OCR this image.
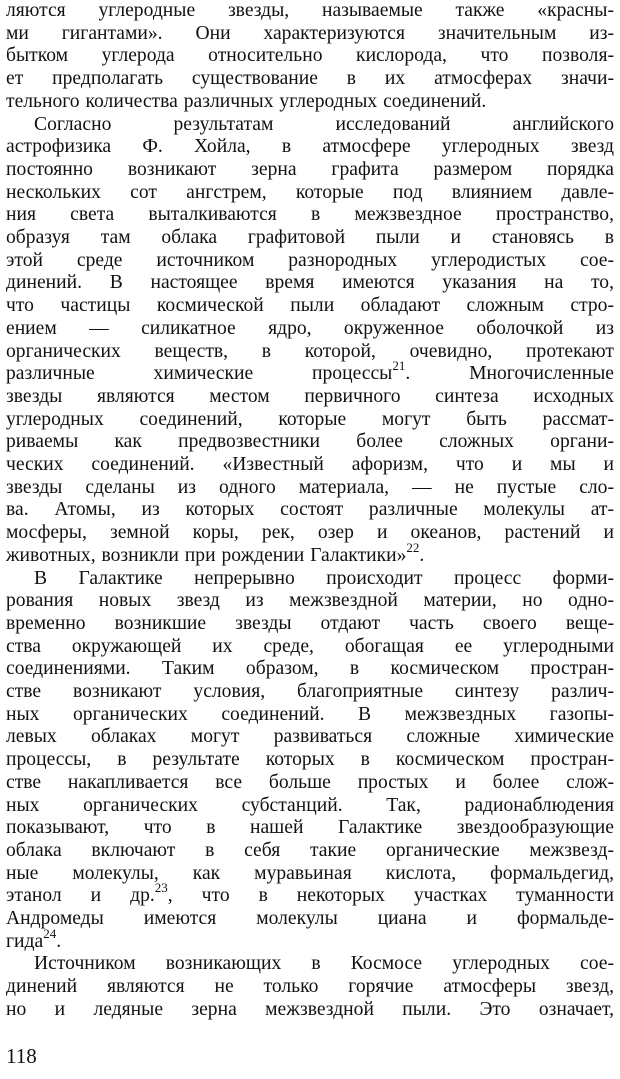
ляются углеродные звезды, называемые также «красны-
ми гигантами». Они характеризуются значительным из-
бытком углерода относительно кислорода, что позволя-
ет предполагать существование в их атмосферах значи-
тельного количества различных углеродных соединений.
Согласно результатам исследований английского
астрофизика Ф. Хойла, в атмосфере углеродных звезд
постоянно возникают зерна графита размером порядка
нескольких сот ангстрем, которые под влиянием давле-
ния света выталкиваются в межзвездное пространство,
образуя там облака графитовой пыли и становясь в
этой среде источником разнородных углеродистых сое-
динений. В настоящее время имеются указания на то,
что частицы космической пыли обладают сложным стро-
ением — силикатное ядро, окруженное оболочкой из
органических веществ, в которой, очевидно, протекают
различные химические процессы$^{21}$. Многочисленные
звезды являются местом первичного синтеза исходных
углеродных соединений, которые могут быть рассмат-
риваемы как предвозвестники более сложных органи-
ческих соединений. «Известный афоризм, что и мы и
звезды сделаны из одного материала, — не пустые сло-
ва. Атомы, из которых состоят различные молекулы ат-
мосферы, земной коры, рек, озер и океанов, растений и
животных, возникли при рождении Галактики»$^{22}$.
В Галактике непрерывно происходит процесс форми-
рования новых звезд из межзвездной материи, но одно-
временно возникшие звезды отдают часть своего веще-
ства окружающей их среде, обогащая ее углеродными
соединениями. Таким образом, в космическом простран-
стве возникают условия, благоприятные синтезу различ-
ных органических соединений. В межзвездных газопы-
левых облаках могут развиваться сложные химические
процессы, в результате которых в космическом простран-
стве накапливается все больше простых и более слож-
ных органических субстанций. Так, радионаблюдения
показывают, что в нашей Галактике звездообразующие
облака включают в себя такие органические межзвезд-
ные молекулы, как муравьиная кислота, формальдегид,
этанол и др.$^{23}$, что в некоторых участках туманности
Андромеды имеются молекулы циана и формальде-
гида$^{24}$.
Источником возникающих в Космосе углеродных сое-
динений являются не только горячие атмосферы звезд,
но и ледяные зерна межзвездной пыли. Это означает,
118
